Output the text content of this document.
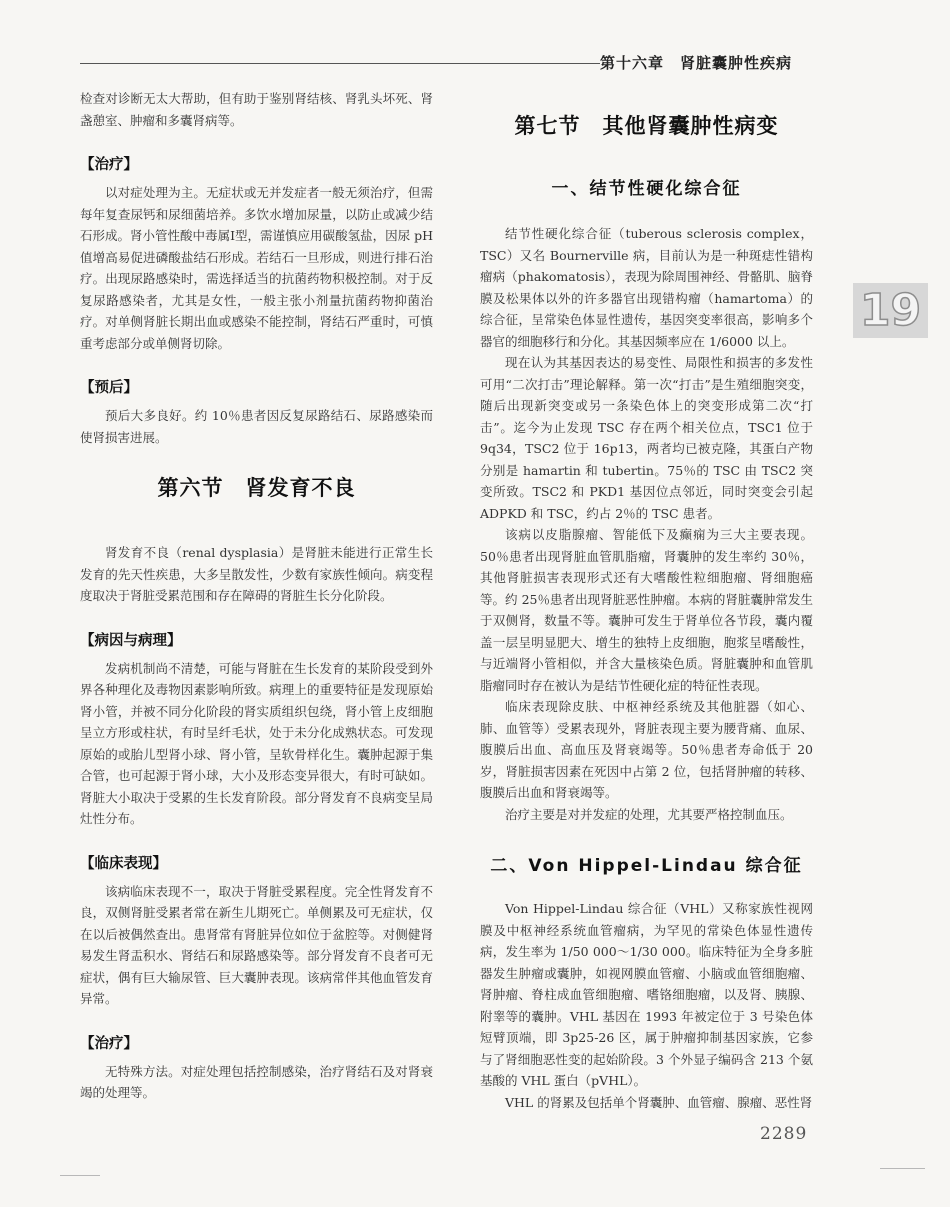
第十六章　肾脏囊肿性疾病
19

检查对诊断无太大帮助，但有助于鉴别肾结核、肾乳头坏死、肾盏憩室、肿瘤和多囊肾病等。

【治疗】

以对症处理为主。无症状或无并发症者一般无须治疗，但需每年复查尿钙和尿细菌培养。多饮水增加尿量，以防止或减少结石形成。肾小管性酸中毒属Ⅰ型，需谨慎应用碳酸氢盐，因尿 pH 值增高易促进磷酸盐结石形成。若结石一旦形成，则进行排石治疗。出现尿路感染时，需选择适当的抗菌药物积极控制。对于反复尿路感染者，尤其是女性，一般主张小剂量抗菌药物抑菌治疗。对单侧肾脏长期出血或感染不能控制，肾结石严重时，可慎重考虑部分或单侧肾切除。

【预后】

预后大多良好。约 10％患者因反复尿路结石、尿路感染而使肾损害进展。

第六节　肾发育不良

肾发育不良（renal dysplasia）是肾脏未能进行正常生长发育的先天性疾患，大多呈散发性，少数有家族性倾向。病变程度取决于肾脏受累范围和存在障碍的肾脏生长分化阶段。

【病因与病理】

发病机制尚不清楚，可能与肾脏在生长发育的某阶段受到外界各种理化及毒物因素影响所致。病理上的重要特征是发现原始肾小管，并被不同分化阶段的肾实质组织包绕，肾小管上皮细胞呈立方形或柱状，有时呈纤毛状，处于未分化成熟状态。可发现原始的或胎儿型肾小球、肾小管，呈软骨样化生。囊肿起源于集合管，也可起源于肾小球，大小及形态变异很大，有时可缺如。肾脏大小取决于受累的生长发育阶段。部分肾发育不良病变呈局灶性分布。

【临床表现】

该病临床表现不一，取决于肾脏受累程度。完全性肾发育不良，双侧肾脏受累者常在新生儿期死亡。单侧累及可无症状，仅在以后被偶然查出。患肾常有肾脏异位如位于盆腔等。对侧健肾易发生肾盂积水、肾结石和尿路感染等。部分肾发育不良者可无症状，偶有巨大输尿管、巨大囊肿表现。该病常伴其他血管发育异常。

【治疗】

无特殊方法。对症处理包括控制感染，治疗肾结石及对肾衰竭的处理等。

第七节　其他肾囊肿性病变
一、结节性硬化综合征

结节性硬化综合征（tuberous sclerosis complex，TSC）又名 Bournerville 病，目前认为是一种斑痣性错构瘤病（phakomatosis），表现为除周围神经、骨骼肌、脑脊膜及松果体以外的许多器官出现错构瘤（hamartoma）的综合征，呈常染色体显性遗传，基因突变率很高，影响多个器官的细胞移行和分化。其基因频率应在 1/6000 以上。

现在认为其基因表达的易变性、局限性和损害的多发性可用“二次打击”理论解释。第一次“打击”是生殖细胞突变，随后出现新突变或另一条染色体上的突变形成第二次“打击”。迄今为止发现 TSC 存在两个相关位点，TSC1 位于 9q34，TSC2 位于 16p13，两者均已被克隆，其蛋白产物分别是 hamartin 和 tubertin。75％的 TSC 由 TSC2 突变所致。TSC2 和 PKD1 基因位点邻近，同时突变会引起 ADPKD 和 TSC，约占 2％的 TSC 患者。

该病以皮脂腺瘤、智能低下及癫痫为三大主要表现。50％患者出现肾脏血管肌脂瘤，肾囊肿的发生率约 30％，其他肾脏损害表现形式还有大嗜酸性粒细胞瘤、肾细胞癌等。约 25％患者出现肾脏恶性肿瘤。本病的肾脏囊肿常发生于双侧肾，数量不等。囊肿可发生于肾单位各节段，囊内覆盖一层呈明显肥大、增生的独特上皮细胞，胞浆呈嗜酸性，与近端肾小管相似，并含大量核染色质。肾脏囊肿和血管肌脂瘤同时存在被认为是结节性硬化症的特征性表现。

临床表现除皮肤、中枢神经系统及其他脏器（如心、肺、血管等）受累表现外，肾脏表现主要为腰背痛、血尿、腹膜后出血、高血压及肾衰竭等。50％患者寿命低于 20 岁，肾脏损害因素在死因中占第 2 位，包括肾肿瘤的转移、腹膜后出血和肾衰竭等。

治疗主要是对并发症的处理，尤其要严格控制血压。

二、Von Hippel-Lindau 综合征

Von Hippel-Lindau 综合征（VHL）又称家族性视网膜及中枢神经系统血管瘤病，为罕见的常染色体显性遗传病，发生率为 1/50 000～1/30 000。临床特征为全身多脏器发生肿瘤或囊肿，如视网膜血管瘤、小脑或血管细胞瘤、肾肿瘤、脊柱成血管细胞瘤、嗜铬细胞瘤，以及肾、胰腺、附睾等的囊肿。VHL 基因在 1993 年被定位于 3 号染色体短臂顶端，即 3p25-26 区，属于肿瘤抑制基因家族，它参与了肾细胞恶性变的起始阶段。3 个外显子编码含 213 个氨基酸的 VHL 蛋白（pVHL）。

VHL 的肾累及包括单个肾囊肿、血管瘤、腺瘤、恶性肾

2289
